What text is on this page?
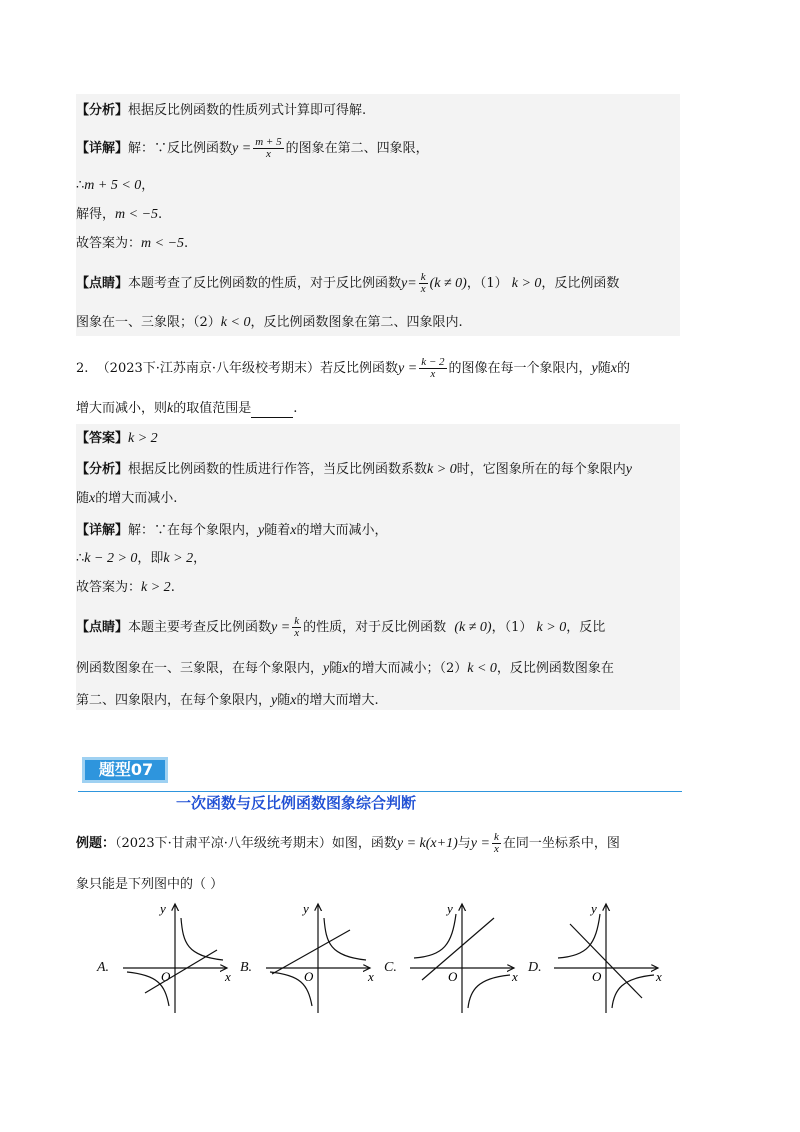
【分析】根据反比例函数的性质列式计算即可得解.
【详解】解：∵反比例函数$y = \frac{m + 5}{x}$ 的图象在第二、四象限，
∴m + 5 < 0，
解得，m < −5.
故答案为：m < −5.
【点睛】本题考查了反比例函数的性质，对于反比例函数$y= \frac{k}{x} (k \ne 0)$，（1） k > 0，反比例函数
图象在一、三象限；（2）k < 0，反比例函数图象在第二、四象限内.
2. （2023下·江苏南京·八年级校考期末）若反比例函数$y = \frac{k - 2}{x}$ 的图像在每一个象限内，y随x的
增大而减小，则k的取值范围是	.
【答案】k > 2
【分析】根据反比例函数的性质进行作答，当反比例函数系数k > 0时，它图象所在的每个象限内y
随x的增大而减小.
【详解】解：∵在每个象限内，y随着x的增大而减小，
∴k − 2 > 0，即k > 2，
故答案为：k > 2.
【点睛】本题主要考查反比例函数$y = \frac{k}{x}$ 的性质，对于反比例函数 (k ≠ 0)，（1） k > 0，反比
例函数图象在一、三象限，在每个象限内，y随x的增大而减小；（2）k < 0，反比例函数图象在
第二、四象限内，在每个象限内，y随x的增大而增大.
题型07
一次函数与反比例函数图象综合判断
例题：（2023下·甘肃平凉·八年级统考期末）如图，函数y = k(x+1)与$y = \frac{k}{x}$ 在同一坐标系中，图
象只能是下列图中的（ ）
A.	B.	C.	D.
y
x
O
y
x
O
y
x
O
y
x
O
